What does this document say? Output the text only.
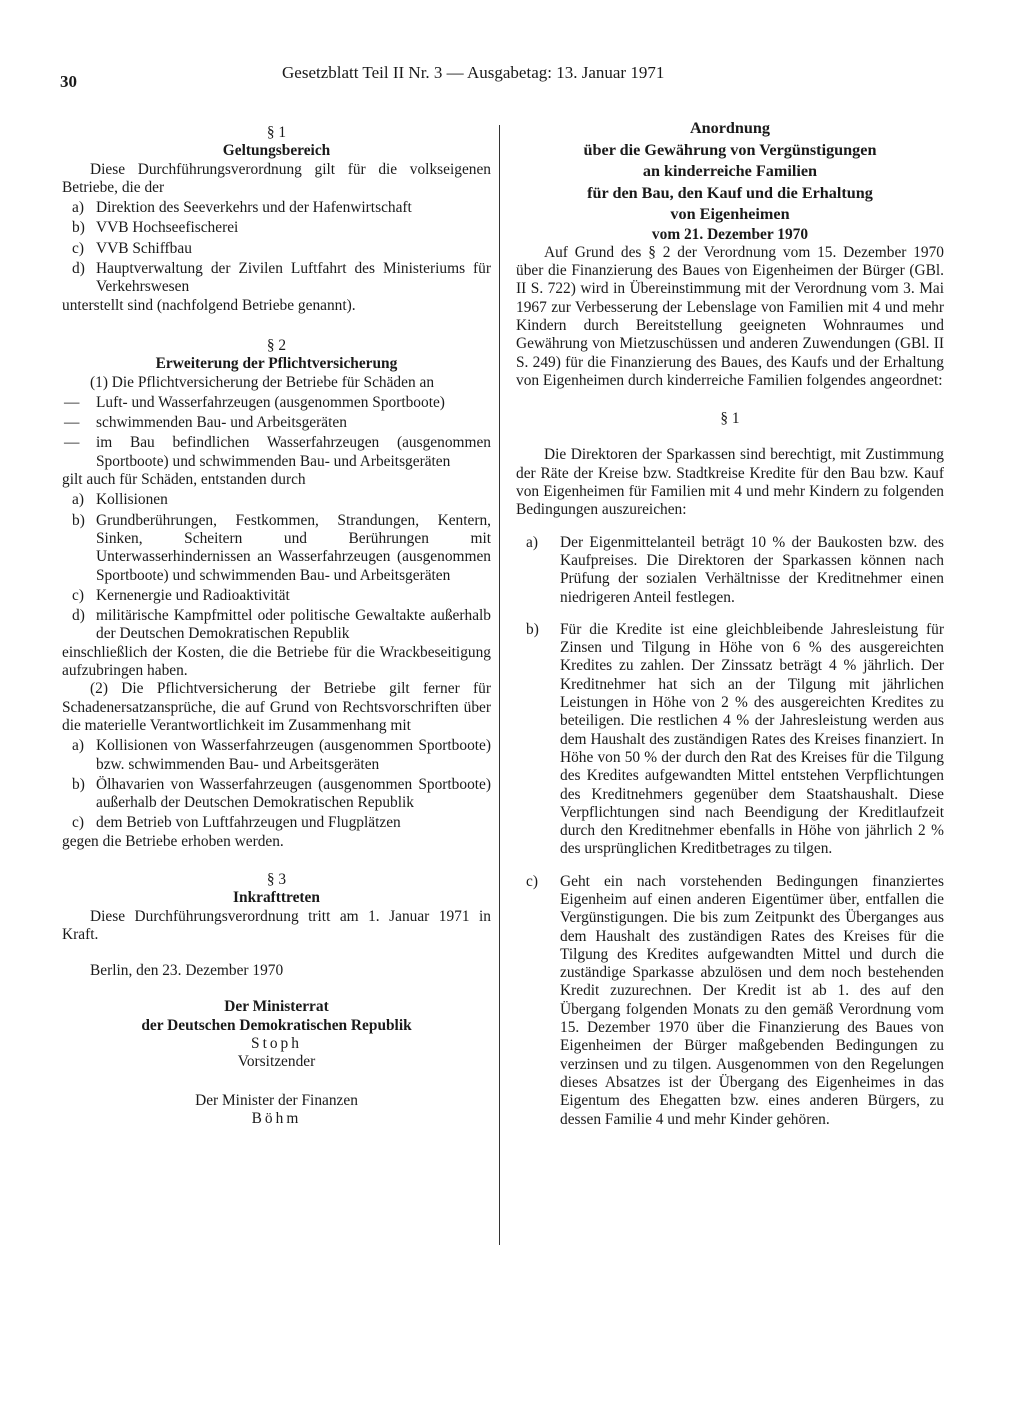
30	Gesetzblatt Teil II Nr. 3 — Ausgabetag: 13. Januar 1971

§ 1

Geltungsbereich

Diese Durchführungsverordnung gilt für die volkseigenen Betriebe, die der

a) Direktion des Seeverkehrs und der Hafenwirtschaft
b) VVB Hochseefischerei
c) VVB Schiffbau
d) Hauptverwaltung der Zivilen Luftfahrt des Ministeriums für Verkehrswesen

unterstellt sind (nachfolgend Betriebe genannt).

§ 2

Erweiterung der Pflichtversicherung

(1) Die Pflichtversicherung der Betriebe für Schäden an

— Luft- und Wasserfahrzeugen (ausgenommen Sportboote)
— schwimmenden Bau- und Arbeitsgeräten
— im Bau befindlichen Wasserfahrzeugen (ausgenommen Sportboote) und schwimmenden Bau- und Arbeitsgeräten

gilt auch für Schäden, entstanden durch

a) Kollisionen
b) Grundberührungen, Festkommen, Strandungen, Kentern, Sinken, Scheitern und Berührungen mit Unterwasserhindernissen an Wasserfahrzeugen (ausgenommen Sportboote) und schwimmenden Bau- und Arbeitsgeräten
c) Kernenergie und Radioaktivität
d) militärische Kampfmittel oder politische Gewaltakte außerhalb der Deutschen Demokratischen Republik

einschließlich der Kosten, die die Betriebe für die Wrackbeseitigung aufzubringen haben.

(2) Die Pflichtversicherung der Betriebe gilt ferner für Schadenersatzansprüche, die auf Grund von Rechtsvorschriften über die materielle Verantwortlichkeit im Zusammenhang mit

a) Kollisionen von Wasserfahrzeugen (ausgenommen Sportboote) bzw. schwimmenden Bau- und Arbeitsgeräten
b) Ölhavarien von Wasserfahrzeugen (ausgenommen Sportboote) außerhalb der Deutschen Demokratischen Republik
c) dem Betrieb von Luftfahrzeugen und Flugplätzen

gegen die Betriebe erhoben werden.

§ 3

Inkrafttreten

Diese Durchführungsverordnung tritt am 1. Januar 1971 in Kraft.

Berlin, den 23. Dezember 1970

Der Ministerrat

der Deutschen Demokratischen Republik

Stoph

Vorsitzender

Der Minister der Finanzen

Böhm

Anordnung

über die Gewährung von Vergünstigungen

an kinderreiche Familien

für den Bau, den Kauf und die Erhaltung

von Eigenheimen

vom 21. Dezember 1970

Auf Grund des § 2 der Verordnung vom 15. Dezember 1970 über die Finanzierung des Baues von Eigenheimen der Bürger (GBl. II S. 722) wird in Übereinstimmung mit der Verordnung vom 3. Mai 1967 zur Verbesserung der Lebenslage von Familien mit 4 und mehr Kindern durch Bereitstellung geeigneten Wohnraumes und Gewährung von Mietzuschüssen und anderen Zuwendungen (GBl. II S. 249) für die Finanzierung des Baues, des Kaufs und der Erhaltung von Eigenheimen durch kinderreiche Familien folgendes angeordnet:

§ 1

Die Direktoren der Sparkassen sind berechtigt, mit Zustimmung der Räte der Kreise bzw. Stadtkreise Kredite für den Bau bzw. Kauf von Eigenheimen für Familien mit 4 und mehr Kindern zu folgenden Bedingungen auszureichen:

a) Der Eigenmittelanteil beträgt 10 % der Baukosten bzw. des Kaufpreises. Die Direktoren der Sparkassen können nach Prüfung der sozialen Verhältnisse der Kreditnehmer einen niedrigeren Anteil festlegen.
b) Für die Kredite ist eine gleichbleibende Jahresleistung für Zinsen und Tilgung in Höhe von 6 % des ausgereichten Kredites zu zahlen. Der Zinssatz beträgt 4 % jährlich. Der Kreditnehmer hat sich an der Tilgung mit jährlichen Leistungen in Höhe von 2 % des ausgereichten Kredites zu beteiligen. Die restlichen 4 % der Jahresleistung werden aus dem Haushalt des zuständigen Rates des Kreises finanziert. In Höhe von 50 % der durch den Rat des Kreises für die Tilgung des Kredites aufgewandten Mittel entstehen Verpflichtungen des Kreditnehmers gegenüber dem Staatshaushalt. Diese Verpflichtungen sind nach Beendigung der Kreditlaufzeit durch den Kreditnehmer ebenfalls in Höhe von jährlich 2 % des ursprünglichen Kreditbetrages zu tilgen.
c) Geht ein nach vorstehenden Bedingungen finanziertes Eigenheim auf einen anderen Eigentümer über, entfallen die Vergünstigungen. Die bis zum Zeitpunkt des Überganges aus dem Haushalt des zuständigen Rates des Kreises für die Tilgung des Kredites aufgewandten Mittel und durch die zuständige Sparkasse abzulösen und dem noch bestehenden Kredit zuzurechnen. Der Kredit ist ab 1. des auf den Übergang folgenden Monats zu den gemäß Verordnung vom 15. Dezember 1970 über die Finanzierung des Baues von Eigenheimen der Bürger maßgebenden Bedingungen zu verzinsen und zu tilgen. Ausgenommen von den Regelungen dieses Absatzes ist der Übergang des Eigenheimes in das Eigentum des Ehegatten bzw. eines anderen Bürgers, zu dessen Familie 4 und mehr Kinder gehören.
